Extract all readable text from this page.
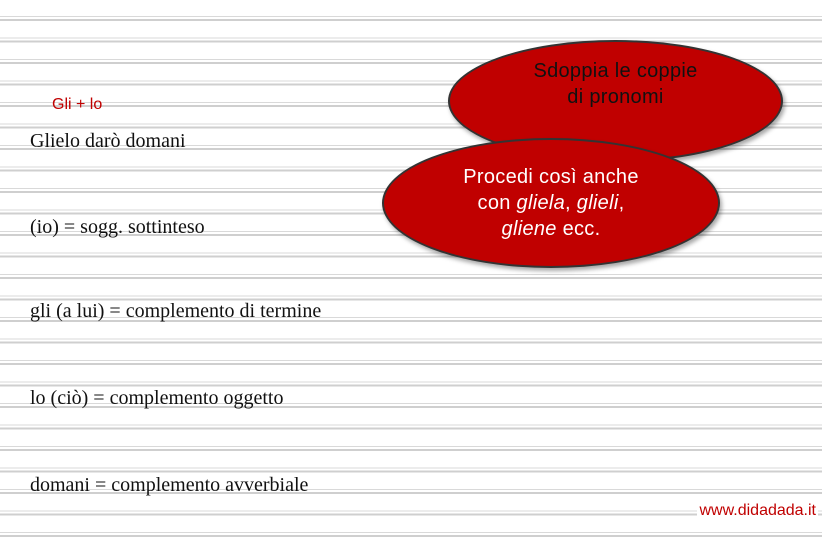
Gli + lo
Glielo darò domani
(io) = sogg. sottinteso
gli (a lui) = complemento di termine
lo (ciò) = complemento oggetto
domani = complemento avverbiale
Sdoppia le coppie
di pronomi
Procedi così anche
con gliela, glieli,
gliene ecc.
www.didadada.it
